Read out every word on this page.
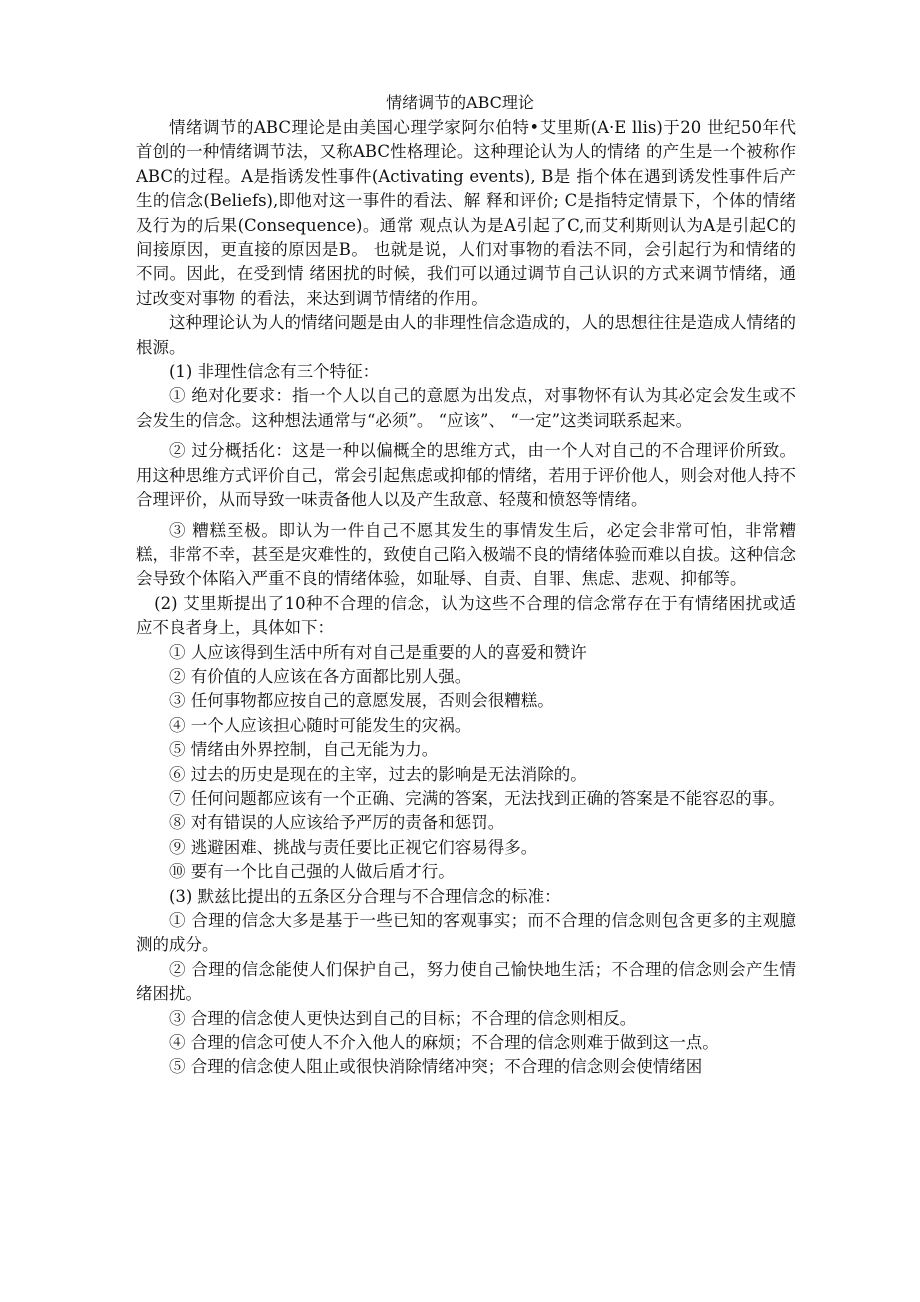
情绪调节的ABC理论

情绪调节的ABC理论是由美国心理学家阿尔伯特•艾里斯(A·E llis)于20 世纪50年代首创的一种情绪调节法，又称ABC性格理论。这种理论认为人的情绪 的产生是一个被称作ABC的过程。A是指诱发性事件(Activating events), B是 指个体在遇到诱发性事件后产生的信念(Beliefs),即他对这一事件的看法、解 释和评价; C是指特定情景下，个体的情绪及行为的后果(Consequence)。通常 观点认为是A引起了C,而艾利斯则认为A是引起C的间接原因，更直接的原因是B。 也就是说，人们对事物的看法不同，会引起行为和情绪的不同。因此，在受到情 绪困扰的时候，我们可以通过调节自己认识的方式来调节情绪，通过改变对事物 的看法，来达到调节情绪的作用。

这种理论认为人的情绪问题是由人的非理性信念造成的，人的思想往往是造成人情绪的根源。

(1) 非理性信念有三个特征：

① 绝对化要求：指一个人以自己的意愿为出发点，对事物怀有认为其必定会发生或不会发生的信念。这种想法通常与“必须”。 “应该”、 “一定”这类词联系起来。

② 过分概括化：这是一种以偏概全的思维方式，由一个人对自己的不合理评价所致。用这种思维方式评价自己，常会引起焦虑或抑郁的情绪，若用于评价他人，则会对他人持不合理评价，从而导致一味责备他人以及产生敌意、轻蔑和愤怒等情绪。

③ 糟糕至极。即认为一件自己不愿其发生的事情发生后，必定会非常可怕，非常糟糕，非常不幸，甚至是灾难性的，致使自己陷入极端不良的情绪体验而难以自拔。这种信念会导致个体陷入严重不良的情绪体验，如耻辱、自责、自罪、焦虑、悲观、抑郁等。

(2) 艾里斯提出了10种不合理的信念，认为这些不合理的信念常存在于有情绪困扰或适应不良者身上，具体如下：

① 人应该得到生活中所有对自己是重要的人的喜爱和赞许

② 有价值的人应该在各方面都比别人强。

③ 任何事物都应按自己的意愿发展，否则会很糟糕。

④ 一个人应该担心随时可能发生的灾祸。

⑤ 情绪由外界控制，自己无能为力。

⑥ 过去的历史是现在的主宰，过去的影响是无法消除的。

⑦ 任何问题都应该有一个正确、完满的答案，无法找到正确的答案是不能容忍的事。

⑧ 对有错误的人应该给予严厉的责备和惩罚。

⑨ 逃避困难、挑战与责任要比正视它们容易得多。

⑩ 要有一个比自己强的人做后盾才行。

(3) 默兹比提出的五条区分合理与不合理信念的标准：

① 合理的信念大多是基于一些已知的客观事实；而不合理的信念则包含更多的主观臆测的成分。

② 合理的信念能使人们保护自己，努力使自己愉快地生活；不合理的信念则会产生情绪困扰。

③ 合理的信念使人更快达到自己的目标；不合理的信念则相反。

④ 合理的信念可使人不介入他人的麻烦；不合理的信念则难于做到这一点。

⑤ 合理的信念使人阻止或很快消除情绪冲突；不合理的信念则会使情绪困
